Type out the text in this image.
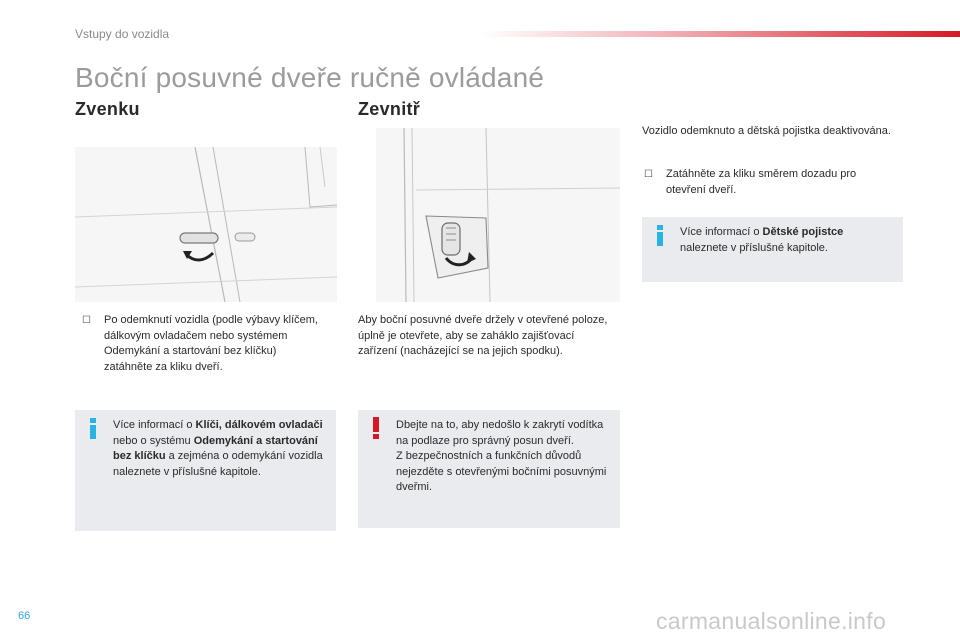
Vstupy do vozidla
Boční posuvné dveře ručně ovládané
Zvenku	Zevnitř
☐	Po odemknutí vozidla (podle výbavy klíčem, dálkovým ovladačem nebo systémem Odemykání a startování bez klíčku) zatáhněte za kliku dveří.
Více informací o Klíči, dálkovém ovladači nebo o systému Odemykání a startování bez klíčku a zejména o odemykání vozidla naleznete v příslušné kapitole.
Aby boční posuvné dveře držely v otevřené poloze, úplně je otevřete, aby se zaháklo zajišťovací zařízení (nacházející se na jejich spodku).
Dbejte na to, aby nedošlo k zakrytí vodítka na podlaze pro správný posun dveří.
Z bezpečnostních a funkčních důvodů nejezděte s otevřenými bočními posuvnými dveřmi.
Vozidlo odemknuto a dětská pojistka deaktivována.
☐	Zatáhněte za kliku směrem dozadu pro otevření dveří.
Více informací o Dětské pojistce naleznete v příslušné kapitole.
66	carmanualsonline.info
